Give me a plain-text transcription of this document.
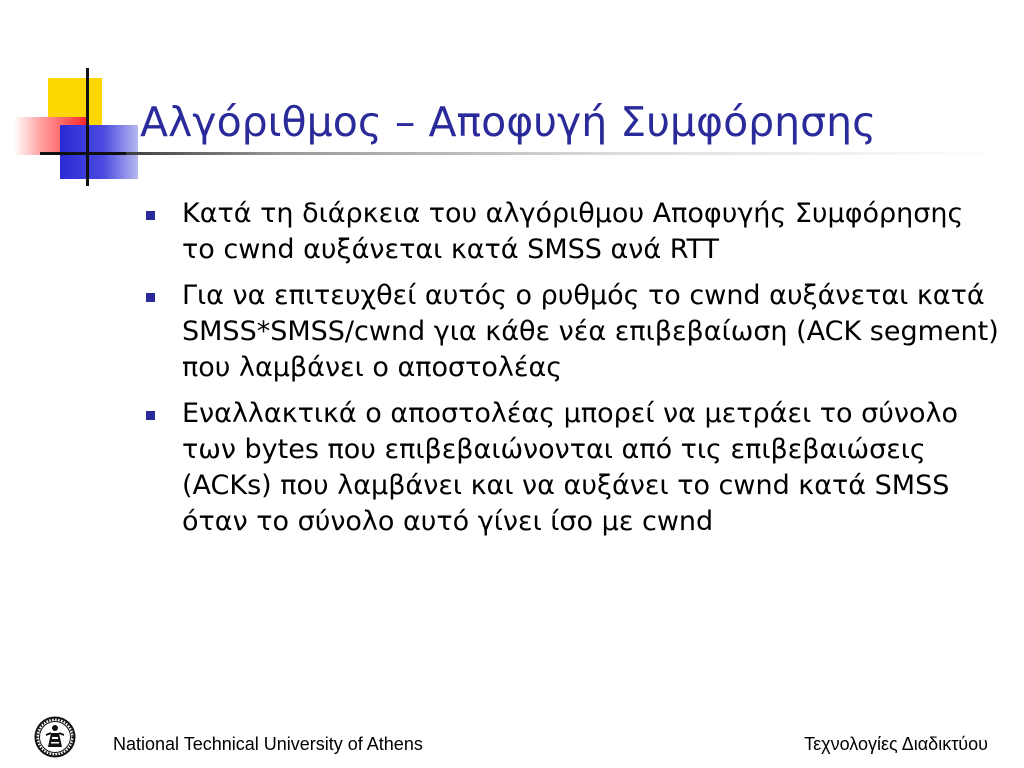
Αλγόριθμος – Αποφυγή Συμφόρησης
Κατά τη διάρκεια του αλγόριθμου Αποφυγής Συμφόρησης το cwnd αυξάνεται κατά SMSS ανά RTT
Για να επιτευχθεί αυτός ο ρυθμός το cwnd αυξάνεται κατά SMSS*SMSS/cwnd για κάθε νέα επιβεβαίωση (ACK segment) που λαμβάνει ο αποστολέας
Εναλλακτικά ο αποστολέας μπορεί να μετράει το σύνολο των bytes που επιβεβαιώνονται από τις επιβεβαιώσεις (ACKs) που λαμβάνει και να αυξάνει το cwnd κατά SMSS όταν το σύνολο αυτό γίνει ίσο με cwnd
National Technical University of Athens	Τεχνολογίες Διαδικτύου
